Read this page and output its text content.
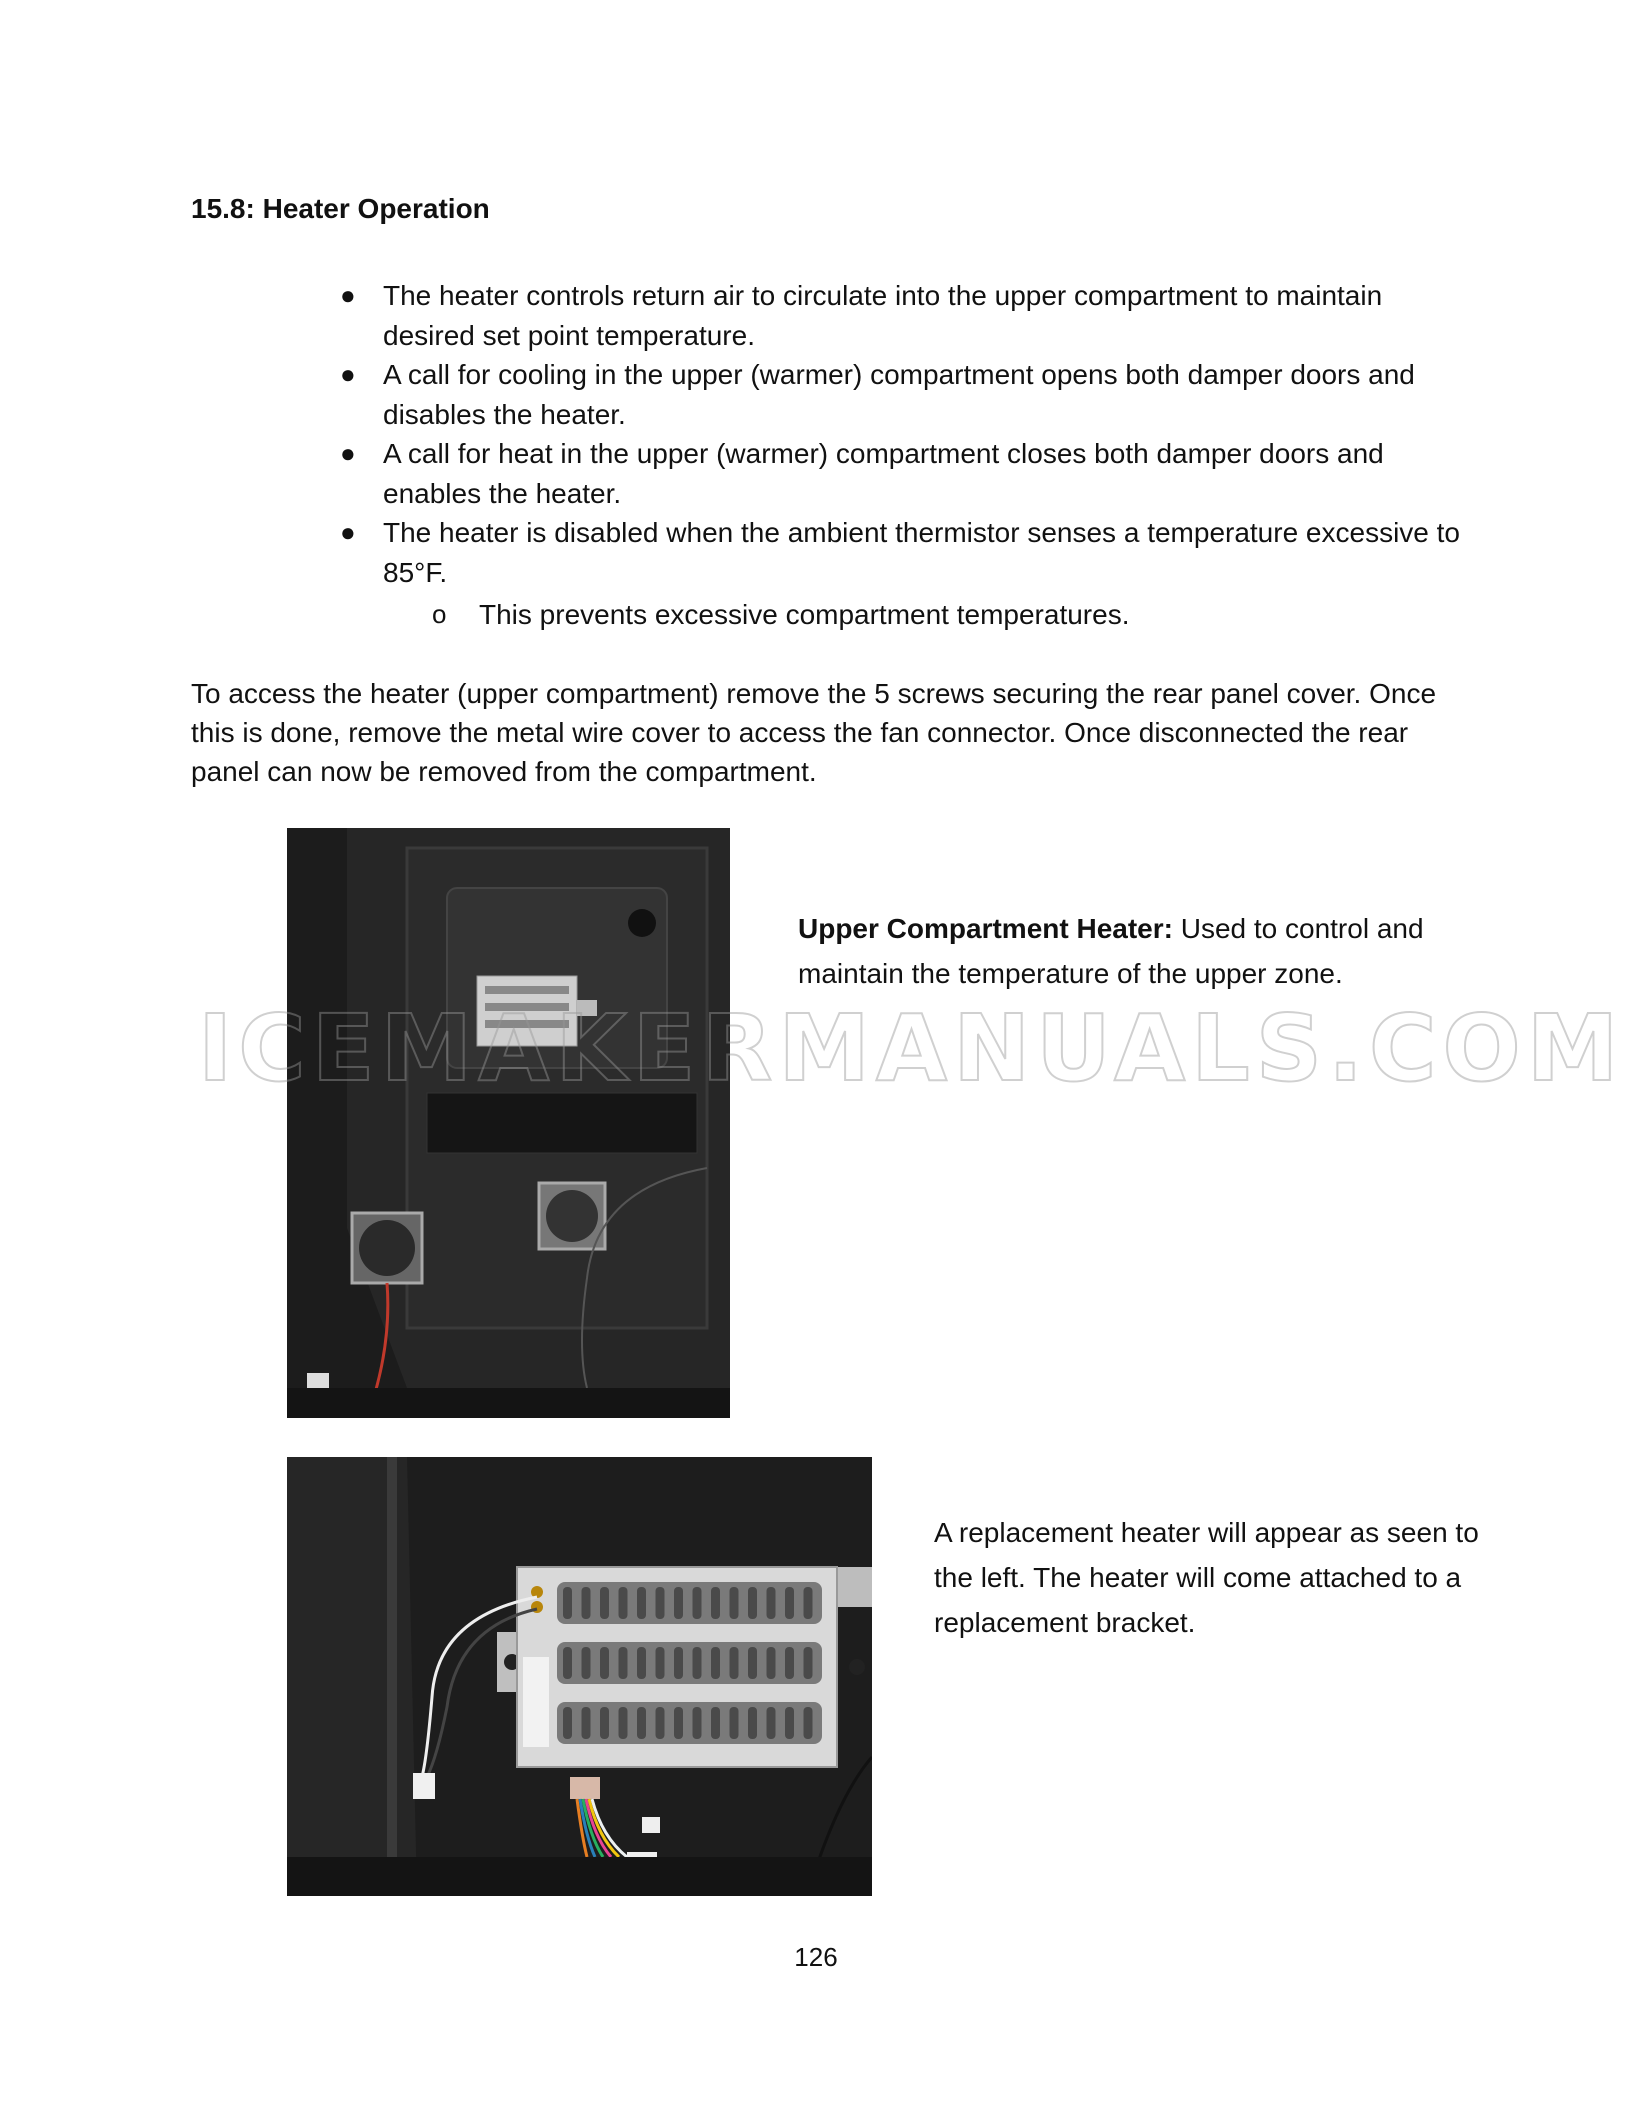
15.8: Heater Operation
● The heater controls return air to circulate into the upper compartment to maintain desired set point temperature.
● A call for cooling in the upper (warmer) compartment opens both damper doors and disables the heater.
● A call for heat in the upper (warmer) compartment closes both damper doors and enables the heater.
● The heater is disabled when the ambient thermistor senses a temperature excessive to 85°F.
o This prevents excessive compartment temperatures.

To access the heater (upper compartment) remove the 5 screws securing the rear panel cover. Once this is done, remove the metal wire cover to access the fan connector. Once disconnected the rear panel can now be removed from the compartment.

ICEMAKERMANUALS.COM

Upper Compartment Heater: Used to control and maintain the temperature of the upper zone.

A replacement heater will appear as seen to the left. The heater will come attached to a replacement bracket.

126
